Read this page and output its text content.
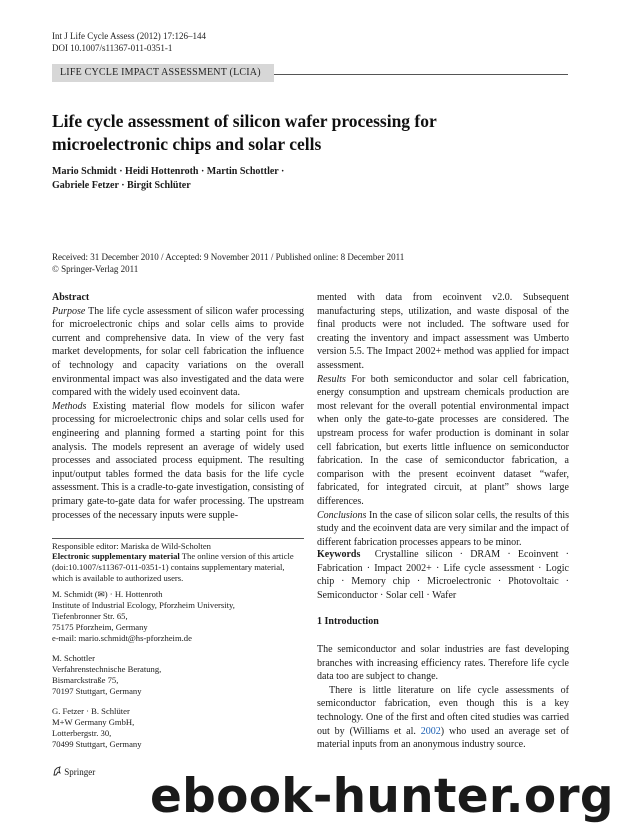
Int J Life Cycle Assess (2012) 17:126–144
DOI 10.1007/s11367-011-0351-1
LIFE CYCLE IMPACT ASSESSMENT (LCIA)
Life cycle assessment of silicon wafer processing for microelectronic chips and solar cells
Mario Schmidt · Heidi Hottenroth · Martin Schottler ·
Gabriele Fetzer · Birgit Schlüter
Received: 31 December 2010 / Accepted: 9 November 2011 / Published online: 8 December 2011
© Springer-Verlag 2011

Abstract

Purpose The life cycle assessment of silicon wafer processing for microelectronic chips and solar cells aims to provide current and comprehensive data. In view of the very fast market developments, for solar cell fabrication the influence of technology and capacity variations on the overall environmental impact was also investigated and the data were compared with the widely used ecoinvent data.

Methods Existing material flow models for silicon wafer processing for microelectronic chips and solar cells used for engineering and planning formed a starting point for this analysis. The models represent an average of widely used processes and associated process equipment. The resulting input/output tables formed the data basis for the life cycle assessment. This is a cradle-to-gate investigation, consisting of primary gate-to-gate data for wafer processing. The upstream processes of the necessary inputs were supple-

mented with data from ecoinvent v2.0. Subsequent manufacturing steps, utilization, and waste disposal of the final products were not included. The software used for creating the inventory and impact assessment was Umberto version 5.5. The Impact 2002+ method was applied for impact assessment.

Results For both semiconductor and solar cell fabrication, energy consumption and upstream chemicals production are most relevant for the overall potential environmental impact when only the gate-to-gate processes are considered. The upstream process for wafer production is dominant in solar cell fabrication, but exerts little influence on semiconductor fabrication. In the case of semiconductor fabrication, a comparison with the present ecoinvent dataset “wafer, fabricated, for integrated circuit, at plant” shows large differences.

Conclusions In the case of silicon solar cells, the results of this study and the ecoinvent data are very similar and the impact of different fabrication processes appears to be minor.

Keywords Crystalline silicon · DRAM · Ecoinvent · Fabrication · Impact 2002+ · Life cycle assessment · Logic chip · Memory chip · Microelectronic · Photovoltaic · Semiconductor · Solar cell · Wafer
Responsible editor: Mariska de Wild-Scholten
Electronic supplementary material The online version of this article (doi:10.1007/s11367-011-0351-1) contains supplementary material, which is available to authorized users.

M. Schmidt (✉) · H. Hottenroth

Institute of Industrial Ecology, Pforzheim University,

Tiefenbronner Str. 65,

75175 Pforzheim, Germany

e-mail: mario.schmidt@hs-pforzheim.de

M. Schottler

Verfahrenstechnische Beratung,

Bismarckstraße 75,

70197 Stuttgart, Germany

G. Fetzer · B. Schlüter

M+W Germany GmbH,

Lotterbergstr. 30,

70499 Stuttgart, Germany

1 Introduction

The semiconductor and solar industries are fast developing branches with increasing efficiency rates. Therefore life cycle data too are subject to change.

There is little literature on life cycle assessments of semiconductor fabrication, even though this is a key technology. One of the first and often cited studies was carried out by (Williams et al. 2002) who used an average set of material inputs from an anonymous industry source.

Springer ebook-hunter.org
